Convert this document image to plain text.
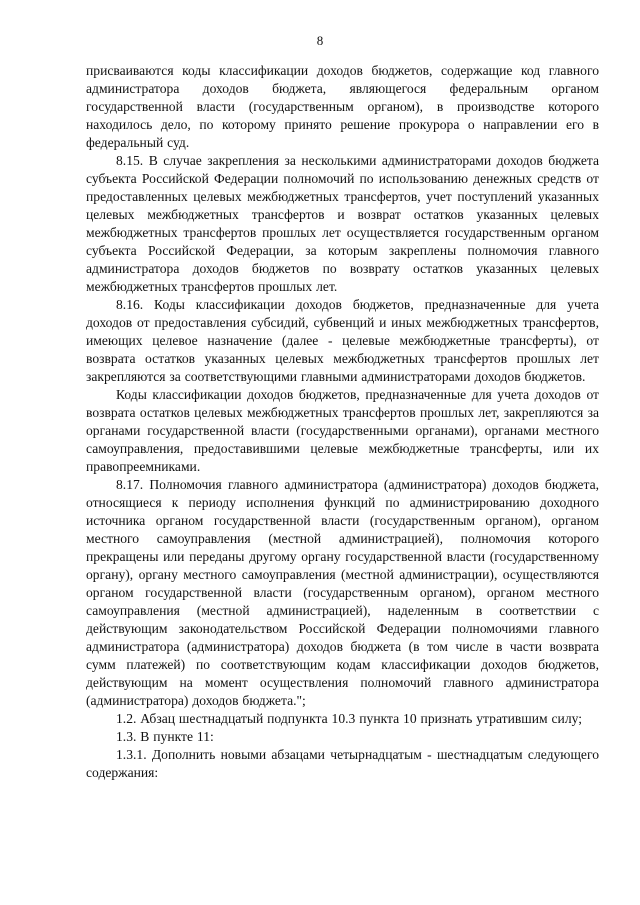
8

присваиваются коды классификации доходов бюджетов, содержащие код главного администратора доходов бюджета, являющегося федеральным органом государственной власти (государственным органом), в производстве которого находилось дело, по которому принято решение прокурора о направлении его в федеральный суд.

8.15. В случае закрепления за несколькими администраторами доходов бюджета субъекта Российской Федерации полномочий по использованию денежных средств от предоставленных целевых межбюджетных трансфертов, учет поступлений указанных целевых межбюджетных трансфертов и возврат остатков указанных целевых межбюджетных трансфертов прошлых лет осуществляется государственным органом субъекта Российской Федерации, за которым закреплены полномочия главного администратора доходов бюджетов по возврату остатков указанных целевых межбюджетных трансфертов прошлых лет.

8.16. Коды классификации доходов бюджетов, предназначенные для учета доходов от предоставления субсидий, субвенций и иных межбюджетных трансфертов, имеющих целевое назначение (далее - целевые межбюджетные трансферты), от возврата остатков указанных целевых межбюджетных трансфертов прошлых лет закрепляются за соответствующими главными администраторами доходов бюджетов.

Коды классификации доходов бюджетов, предназначенные для учета доходов от возврата остатков целевых межбюджетных трансфертов прошлых лет, закрепляются за органами государственной власти (государственными органами), органами местного самоуправления, предоставившими целевые межбюджетные трансферты, или их правопреемниками.

8.17. Полномочия главного администратора (администратора) доходов бюджета, относящиеся к периоду исполнения функций по администрированию доходного источника органом государственной власти (государственным органом), органом местного самоуправления (местной администрацией), полномочия которого прекращены или переданы другому органу государственной власти (государственному органу), органу местного самоуправления (местной администрации), осуществляются органом государственной власти (государственным органом), органом местного самоуправления (местной администрацией), наделенным в соответствии с действующим законодательством Российской Федерации полномочиями главного администратора (администратора) доходов бюджета (в том числе в части возврата сумм платежей) по соответствующим кодам классификации доходов бюджетов, действующим на момент осуществления полномочий главного администратора (администратора) доходов бюджета.";

1.2. Абзац шестнадцатый подпункта 10.3 пункта 10 признать утратившим силу;

1.3. В пункте 11:

1.3.1. Дополнить новыми абзацами четырнадцатым - шестнадцатым следующего содержания:
